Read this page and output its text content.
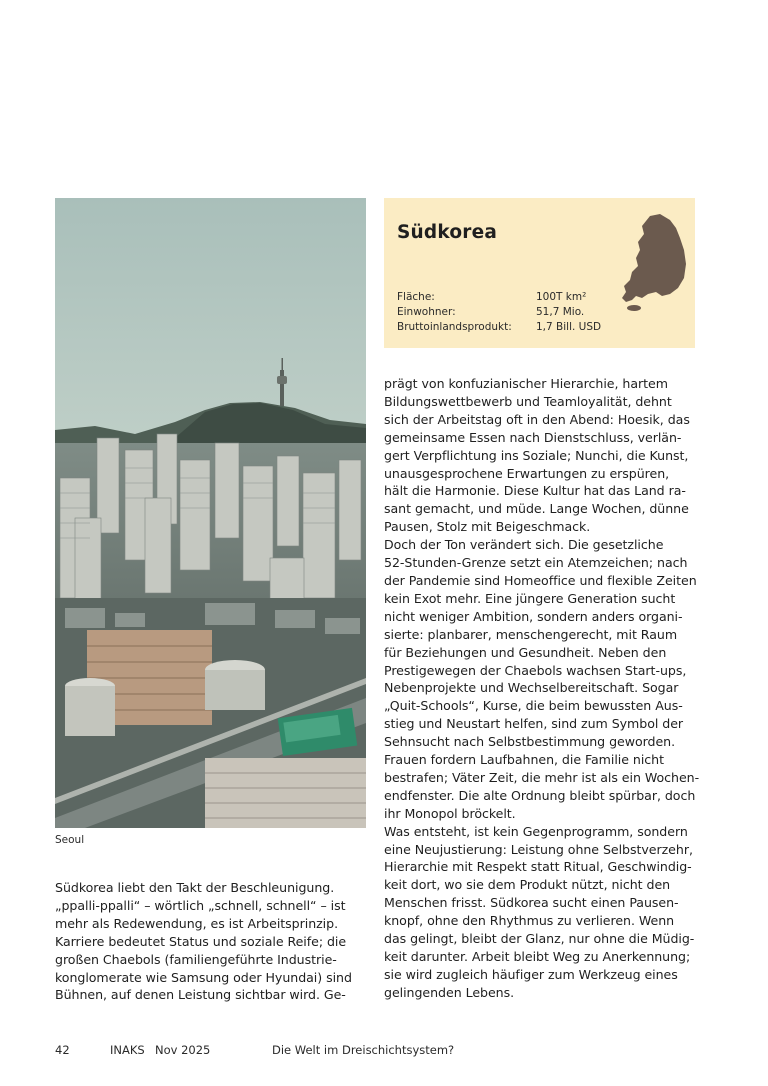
Seoul
Südkorea
Fläche:	100T km²
Einwohner:	51,7 Mio.
Bruttoinlandsprodukt:	1,7 Bill. USD
prägt von konfuzianischer Hierarchie, hartem
Bildungswettbewerb und Teamloyalität, dehnt
sich der Arbeitstag oft in den Abend: Hoesik, das
gemeinsame Essen nach Dienstschluss, verlän-
gert Verpflichtung ins Soziale; Nunchi, die Kunst,
unausgesprochene Erwartungen zu erspüren,
hält die Harmonie. Diese Kultur hat das Land ra-
sant gemacht, und müde. Lange Wochen, dünne
Pausen, Stolz mit Beigeschmack.
Doch der Ton verändert sich. Die gesetzliche
52-Stunden-Grenze setzt ein Atemzeichen; nach
der Pandemie sind Homeoffice und flexible Zeiten
kein Exot mehr. Eine jüngere Generation sucht
nicht weniger Ambition, sondern anders organi-
sierte: planbarer, menschengerecht, mit Raum
für Beziehungen und Gesundheit. Neben den
Prestigewegen der Chaebols wachsen Start-ups,
Nebenprojekte und Wechselbereitschaft. Sogar
„Quit-Schools“, Kurse, die beim bewussten Aus-
stieg und Neustart helfen, sind zum Symbol der
Sehnsucht nach Selbstbestimmung geworden.
Frauen fordern Laufbahnen, die Familie nicht
bestrafen; Väter Zeit, die mehr ist als ein Wochen-
endfenster. Die alte Ordnung bleibt spürbar, doch
ihr Monopol bröckelt.
Was entsteht, ist kein Gegenprogramm, sondern
eine Neujustierung: Leistung ohne Selbstverzehr,
Hierarchie mit Respekt statt Ritual, Geschwindig-
keit dort, wo sie dem Produkt nützt, nicht den
Menschen frisst. Südkorea sucht einen Pausen-
knopf, ohne den Rhythmus zu verlieren. Wenn
das gelingt, bleibt der Glanz, nur ohne die Müdig-
keit darunter. Arbeit bleibt Weg zu Anerkennung;
sie wird zugleich häufiger zum Werkzeug eines
gelingenden Lebens.
Südkorea liebt den Takt der Beschleunigung.
„ppalli-ppalli“ – wörtlich „schnell, schnell“ – ist
mehr als Redewendung, es ist Arbeitsprinzip.
Karriere bedeutet Status und soziale Reife; die
großen Chaebols (familiengeführte Industrie-
konglomerate wie Samsung oder Hyundai) sind
Bühnen, auf denen Leistung sichtbar wird. Ge-
42	INAKS Nov 2025	Die Welt im Dreischichtsystem?
